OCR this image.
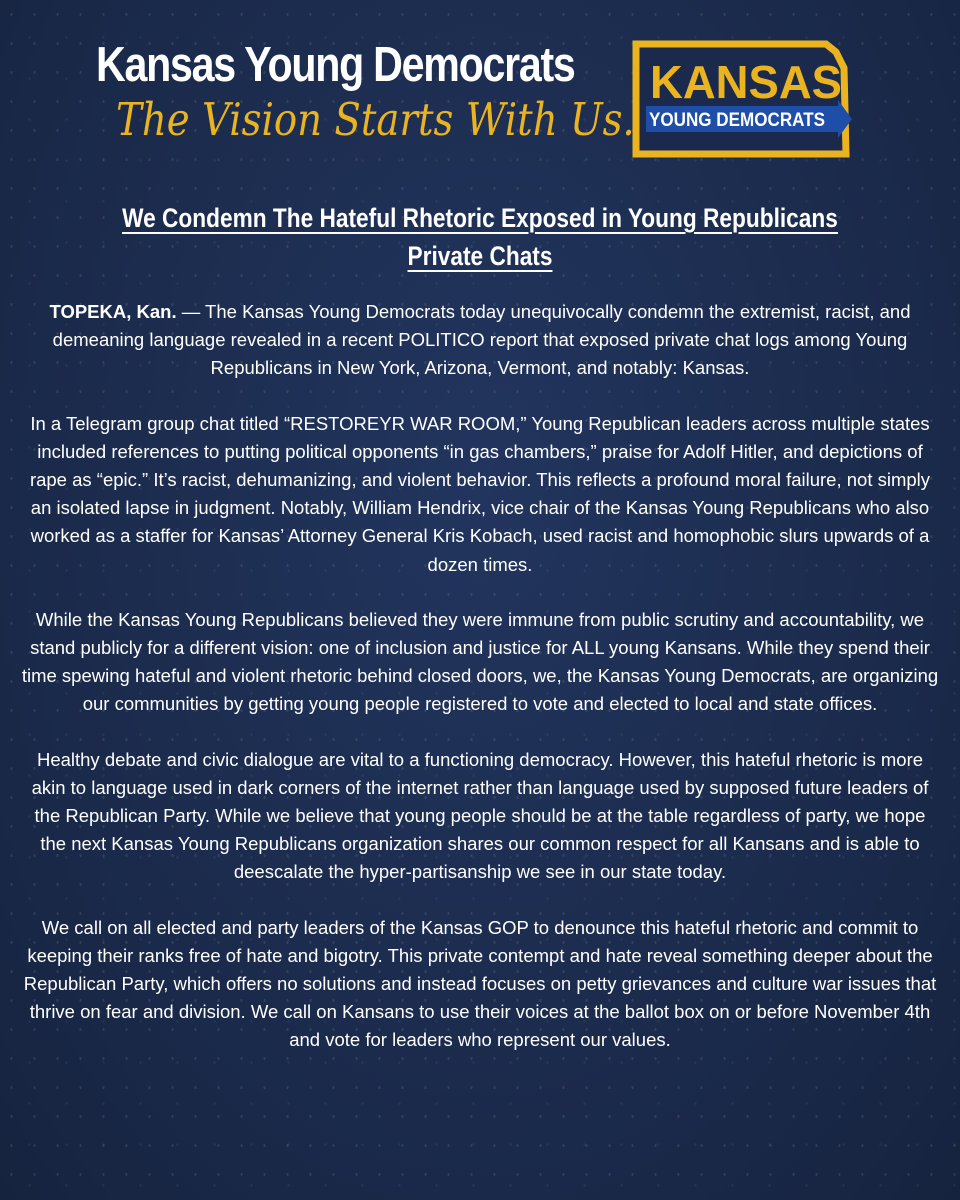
Kansas Young Democrats
The Vision Starts With Us.
KANSAS
YOUNG DEMOCRATS
We Condemn The Hateful Rhetoric Exposed in Young Republicans
Private Chats

TOPEKA, Kan. — The Kansas Young Democrats today unequivocally condemn the extremist, racist, and demeaning language revealed in a recent POLITICO report that exposed private chat logs among Young Republicans in New York, Arizona, Vermont, and notably: Kansas.

In a Telegram group chat titled “RESTOREYR WAR ROOM,” Young Republican leaders across multiple states included references to putting political opponents “in gas chambers,” praise for Adolf Hitler, and depictions of rape as “epic.” It’s racist, dehumanizing, and violent behavior. This reflects a profound moral failure, not simply an isolated lapse in judgment. Notably, William Hendrix, vice chair of the Kansas Young Republicans who also worked as a staffer for Kansas’ Attorney General Kris Kobach, used racist and homophobic slurs upwards of a dozen times.

While the Kansas Young Republicans believed they were immune from public scrutiny and accountability, we stand publicly for a different vision: one of inclusion and justice for ALL young Kansans. While they spend their time spewing hateful and violent rhetoric behind closed doors, we, the Kansas Young Democrats, are organizing our communities by getting young people registered to vote and elected to local and state offices.

Healthy debate and civic dialogue are vital to a functioning democracy. However, this hateful rhetoric is more akin to language used in dark corners of the internet rather than language used by supposed future leaders of the Republican Party. While we believe that young people should be at the table regardless of party, we hope the next Kansas Young Republicans organization shares our common respect for all Kansans and is able to deescalate the hyper-partisanship we see in our state today.

We call on all elected and party leaders of the Kansas GOP to denounce this hateful rhetoric and commit to keeping their ranks free of hate and bigotry. This private contempt and hate reveal something deeper about the Republican Party, which offers no solutions and instead focuses on petty grievances and culture war issues that thrive on fear and division. We call on Kansans to use their voices at the ballot box on or before November 4th and vote for leaders who represent our values.
